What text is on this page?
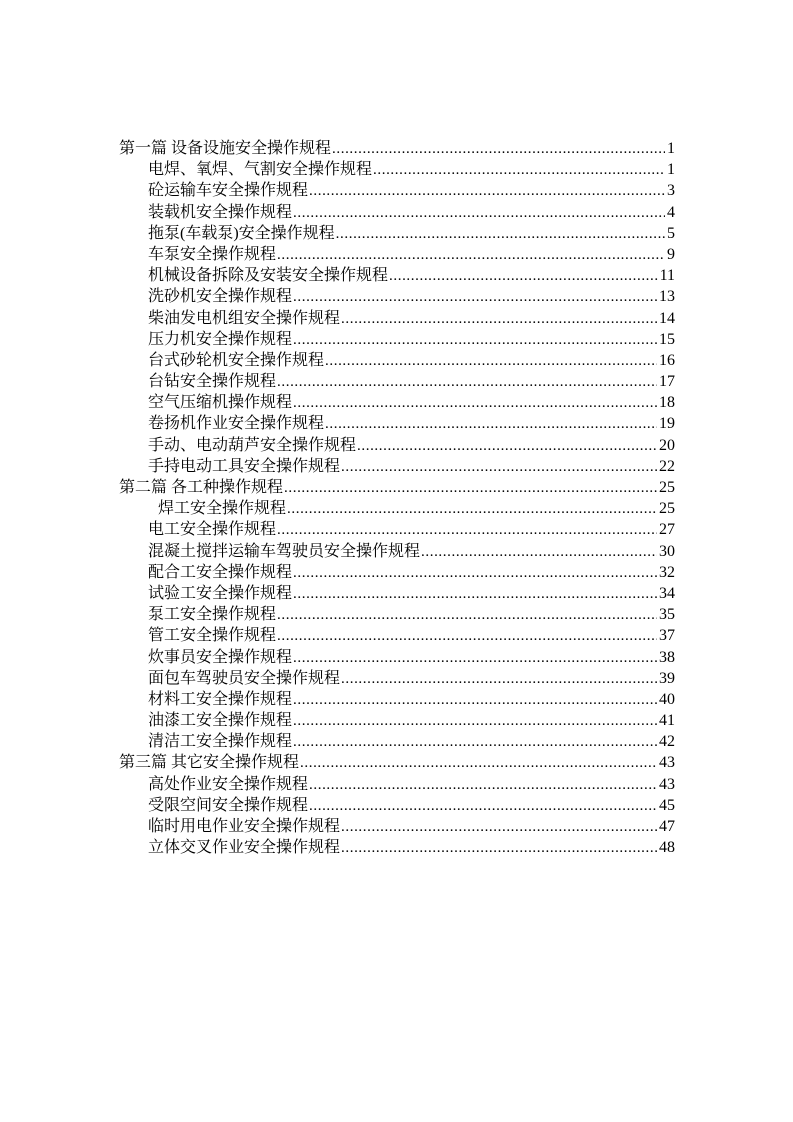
第一篇 设备设施安全操作规程 .....	1
电焊、氧焊、气割安全操作规程 .....	1
砼运输车安全操作规程 .....	3
装载机安全操作规程 .....	4
拖泵(车载泵)安全操作规程 .....	5
车泵安全操作规程 .....	9
机械设备拆除及安装安全操作规程 .....	11
洗砂机安全操作规程 .....	13
柴油发电机组安全操作规程 .....	14
压力机安全操作规程 .....	15
台式砂轮机安全操作规程 .....	16
台钻安全操作规程 .....	17
空气压缩机操作规程 .....	18
卷扬机作业安全操作规程 .....	19
手动、电动葫芦安全操作规程 .....	20
手持电动工具安全操作规程 .....	22
第二篇 各工种操作规程 .....	25
焊工安全操作规程 .....	25
电工安全操作规程 .....	27
混凝土搅拌运输车驾驶员安全操作规程 .....	30
配合工安全操作规程 .....	32
试验工安全操作规程 .....	34
泵工安全操作规程 .....	35
管工安全操作规程 .....	37
炊事员安全操作规程 .....	38
面包车驾驶员安全操作规程 .....	39
材料工安全操作规程 .....	40
油漆工安全操作规程 .....	41
清洁工安全操作规程 .....	42
第三篇 其它安全操作规程 .....	43
高处作业安全操作规程 .....	43
受限空间安全操作规程 .....	45
临时用电作业安全操作规程 .....	47
立体交叉作业安全操作规程 .....	48
